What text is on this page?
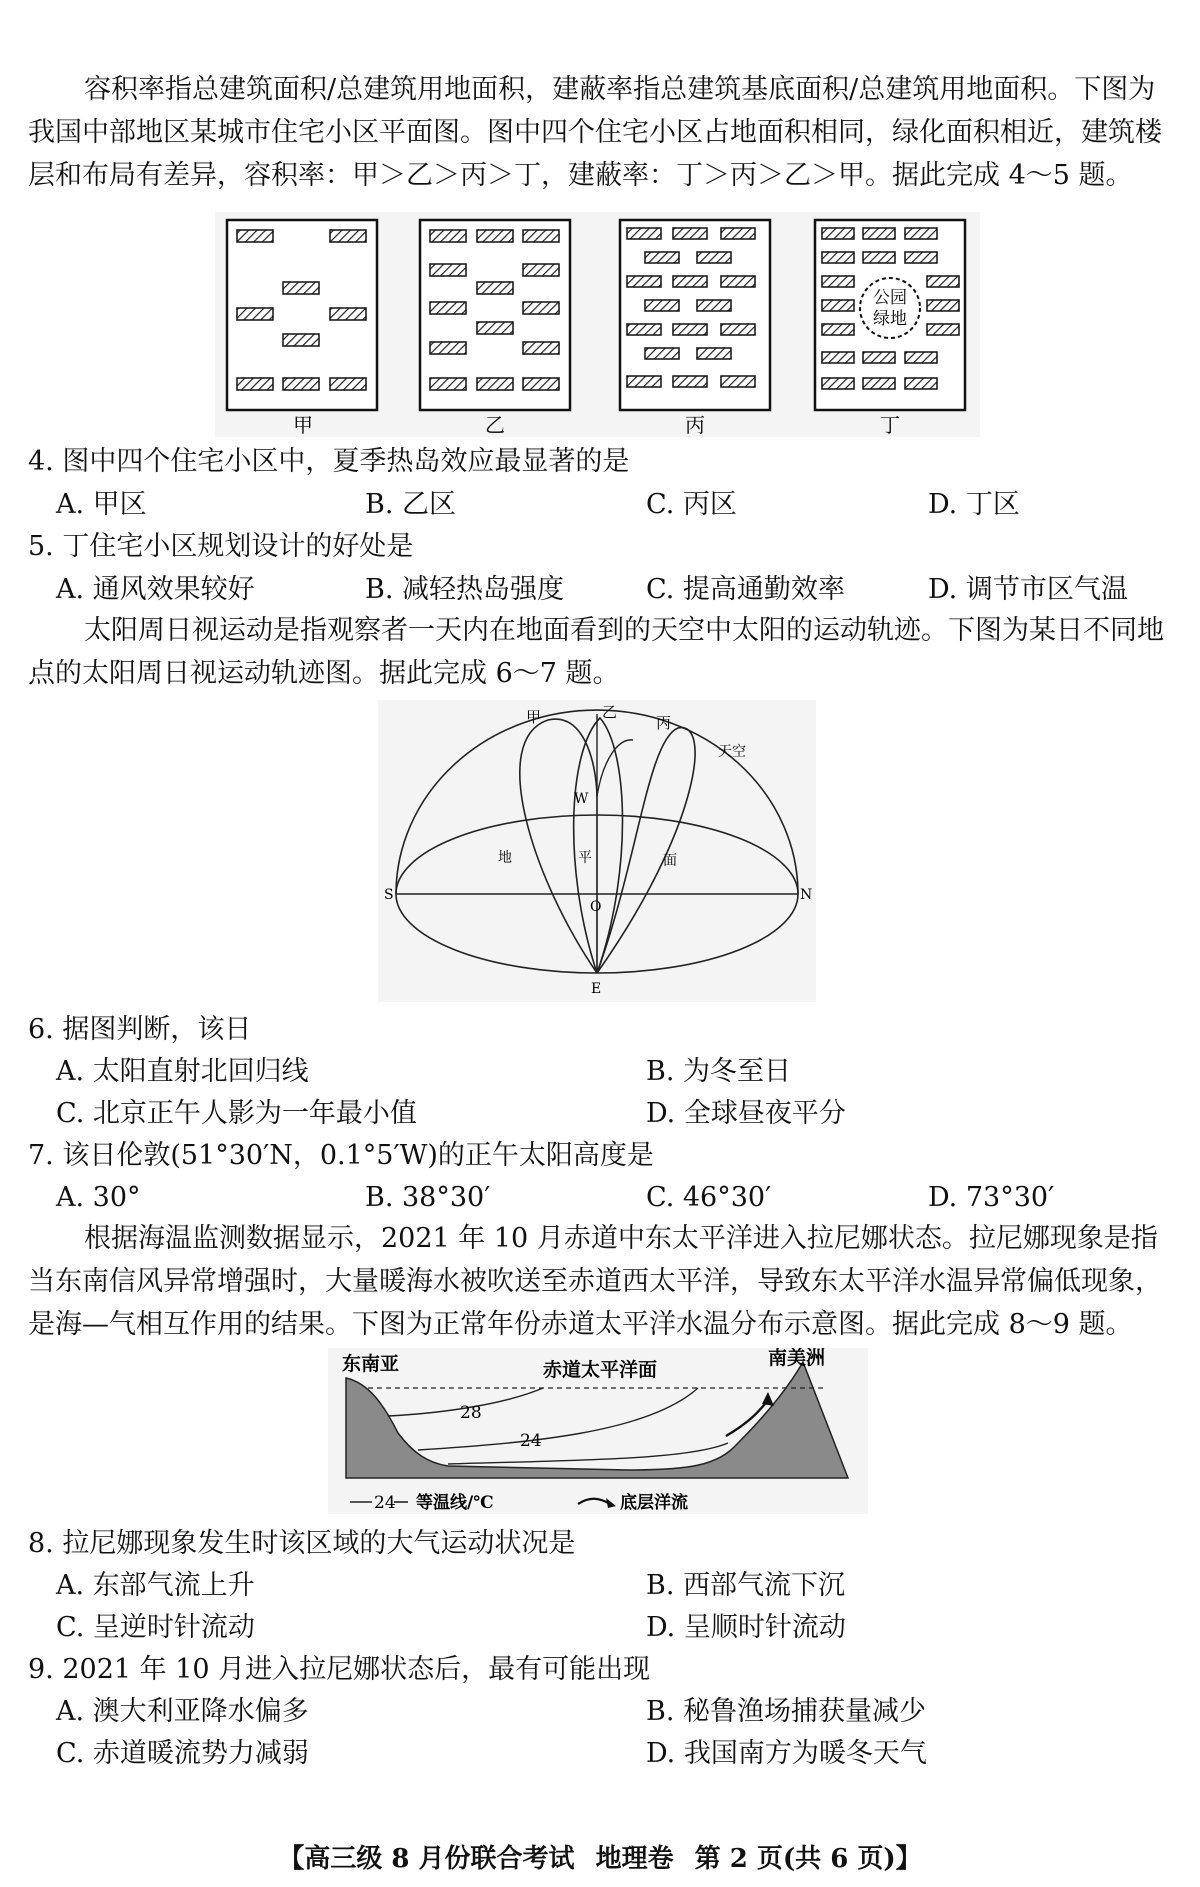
容积率指总建筑面积/总建筑用地面积，建蔽率指总建筑基底面积/总建筑用地面积。下图为我国中部地区某城市住宅小区平面图。图中四个住宅小区占地面积相同，绿化面积相近，建筑楼层和布局有差异，容积率：甲＞乙＞丙＞丁，建蔽率：丁＞丙＞乙＞甲。据此完成 4～5 题。

公园
绿地
甲	乙	丙	丁

4. 图中四个住宅小区中，夏季热岛效应最显著的是

A. 甲区	B. 乙区	C. 丙区	D. 丁区

5. 丁住宅小区规划设计的好处是

A. 通风效果较好	B. 减轻热岛强度	C. 提高通勤效率	D. 调节市区气温

太阳周日视运动是指观察者一天内在地面看到的天空中太阳的运动轨迹。下图为某日不同地点的太阳周日视运动轨迹图。据此完成 6～7 题。

甲	乙
丙
天空
W
S	N
O
E
地	平	面

6. 据图判断，该日

A. 太阳直射北回归线	B. 为冬至日

C. 北京正午人影为一年最小值	D. 全球昼夜平分

7. 该日伦敦(51°30′N，0.1°5′W)的正午太阳高度是

A. 30°	B. 38°30′	C. 46°30′	D. 73°30′

根据海温监测数据显示，2021 年 10 月赤道中东太平洋进入拉尼娜状态。拉尼娜现象是指当东南信风异常增强时，大量暖海水被吹送至赤道西太平洋，导致东太平洋水温异常偏低现象，是海—气相互作用的结果。下图为正常年份赤道太平洋水温分布示意图。据此完成 8～9 题。

东南亚	赤道太平洋面
南美洲
28
24
24 等温线/℃	底层洋流

8. 拉尼娜现象发生时该区域的大气运动状况是

A. 东部气流上升	B. 西部气流下沉

C. 呈逆时针流动	D. 呈顺时针流动

9. 2021 年 10 月进入拉尼娜状态后，最有可能出现

A. 澳大利亚降水偏多	B. 秘鲁渔场捕获量减少

C. 赤道暖流势力减弱	D. 我国南方为暖冬天气

【高三级 8 月份联合考试 地理卷 第 2 页(共 6 页)】
